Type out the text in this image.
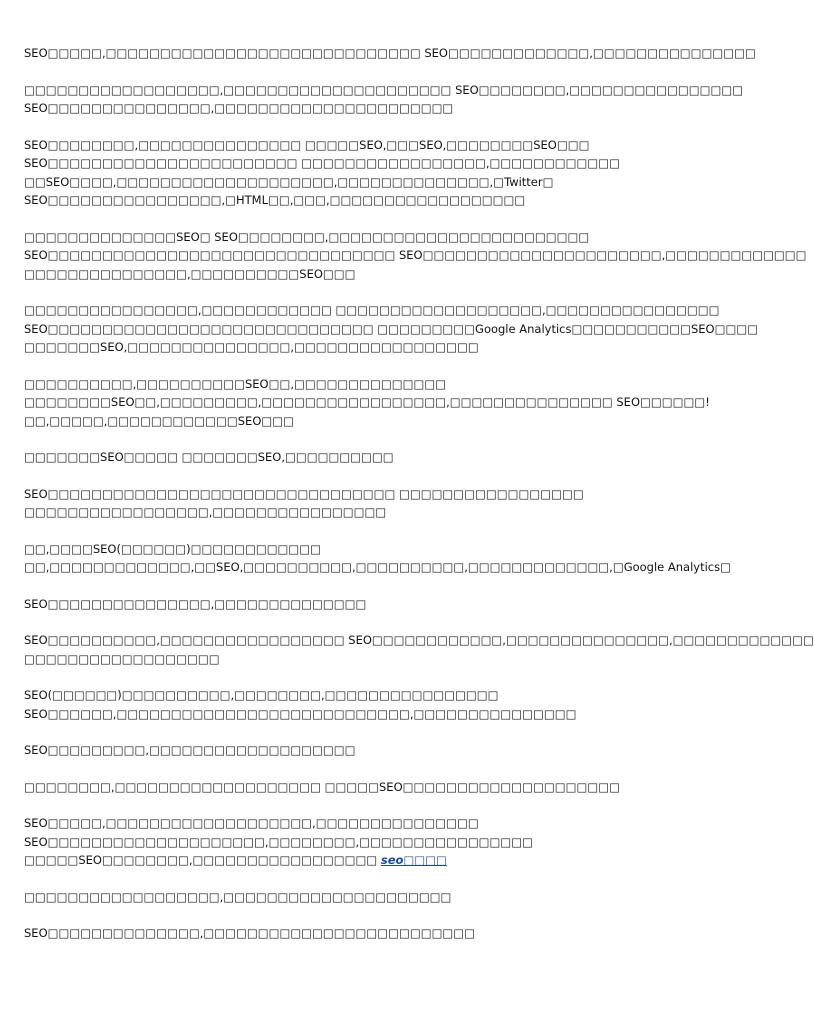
SEO□□□□□,□□□□□□□□□□□□□□□□□□□□□□□□□□□□□ SEO□□□□□□□□□□□□□,□□□□□□□□□□□□□□□
□□□□□□□□□□□□□□□□□□,□□□□□□□□□□□□□□□□□□□□□ SEO□□□□□□□□,□□□□□□□□□□□□□□□□
SEO□□□□□□□□□□□□□□□,□□□□□□□□□□□□□□□□□□□□□□
SEO□□□□□□□□,□□□□□□□□□□□□□□□ □□□□□SEO,□□□SEO,□□□□□□□□SEO□□□
SEO□□□□□□□□□□□□□□□□□□□□□□□ □□□□□□□□□□□□□□□□□,□□□□□□□□□□□□
□□SEO□□□□,□□□□□□□□□□□□□□□□□□□□,□□□□□□□□□□□□□□,□Twitter□
SEO□□□□□□□□□□□□□□□□,□HTML□□,□□□,□□□□□□□□□□□□□□□□□□
□□□□□□□□□□□□□□SEO□ SEO□□□□□□□□,□□□□□□□□□□□□□□□□□□□□□□□□
SEO□□□□□□□□□□□□□□□□□□□□□□□□□□□□□□□□ SEO□□□□□□□□□□□□□□□□□□□□□□,□□□□□□□□□□□□□
□□□□□□□□□□□□□□□,□□□□□□□□□□SEO□□□
□□□□□□□□□□□□□□□□,□□□□□□□□□□□□ □□□□□□□□□□□□□□□□□□□,□□□□□□□□□□□□□□□□
SEO□□□□□□□□□□□□□□□□□□□□□□□□□□□□□□ □□□□□□□□□Google Analytics□□□□□□□□□□□SEO□□□□
□□□□□□□SEO,□□□□□□□□□□□□□□□,□□□□□□□□□□□□□□□□□
□□□□□□□□□□,□□□□□□□□□□SEO□□,□□□□□□□□□□□□□□
□□□□□□□□SEO□□,□□□□□□□□□,□□□□□□□□□□□□□□□□□,□□□□□□□□□□□□□□□ SEO□□□□□□!
□□,□□□□□,□□□□□□□□□□□□SEO□□□
□□□□□□□SEO□□□□□ □□□□□□□SEO,□□□□□□□□□□
SEO□□□□□□□□□□□□□□□□□□□□□□□□□□□□□□□□ □□□□□□□□□□□□□□□□□
□□□□□□□□□□□□□□□□□,□□□□□□□□□□□□□□□□
□□,□□□□SEO(□□□□□□)□□□□□□□□□□□□
□□,□□□□□□□□□□□□□,□□SEO,□□□□□□□□□□,□□□□□□□□□□,□□□□□□□□□□□□□,□Google Analytics□
SEO□□□□□□□□□□□□□□□,□□□□□□□□□□□□□□
SEO□□□□□□□□□□,□□□□□□□□□□□□□□□□□ SEO□□□□□□□□□□□□,□□□□□□□□□□□□□□□,□□□□□□□□□□□□□
□□□□□□□□□□□□□□□□□□
SEO(□□□□□□)□□□□□□□□□□,□□□□□□□□,□□□□□□□□□□□□□□□□
SEO□□□□□□,□□□□□□□□□□□□□□□□□□□□□□□□□□□,□□□□□□□□□□□□□□□
SEO□□□□□□□□□,□□□□□□□□□□□□□□□□□□□
□□□□□□□□,□□□□□□□□□□□□□□□□□□□ □□□□□SEO□□□□□□□□□□□□□□□□□□□□
SEO□□□□□,□□□□□□□□□□□□□□□□□□□,□□□□□□□□□□□□□□□
SEO□□□□□□□□□□□□□□□□□□□□,□□□□□□□□,□□□□□□□□□□□□□□□□
□□□□□SEO□□□□□□□□,□□□□□□□□□□□□□□□□□ seo□□□□
□□□□□□□□□□□□□□□□□□,□□□□□□□□□□□□□□□□□□□□□
SEO□□□□□□□□□□□□□□,□□□□□□□□□□□□□□□□□□□□□□□□□
